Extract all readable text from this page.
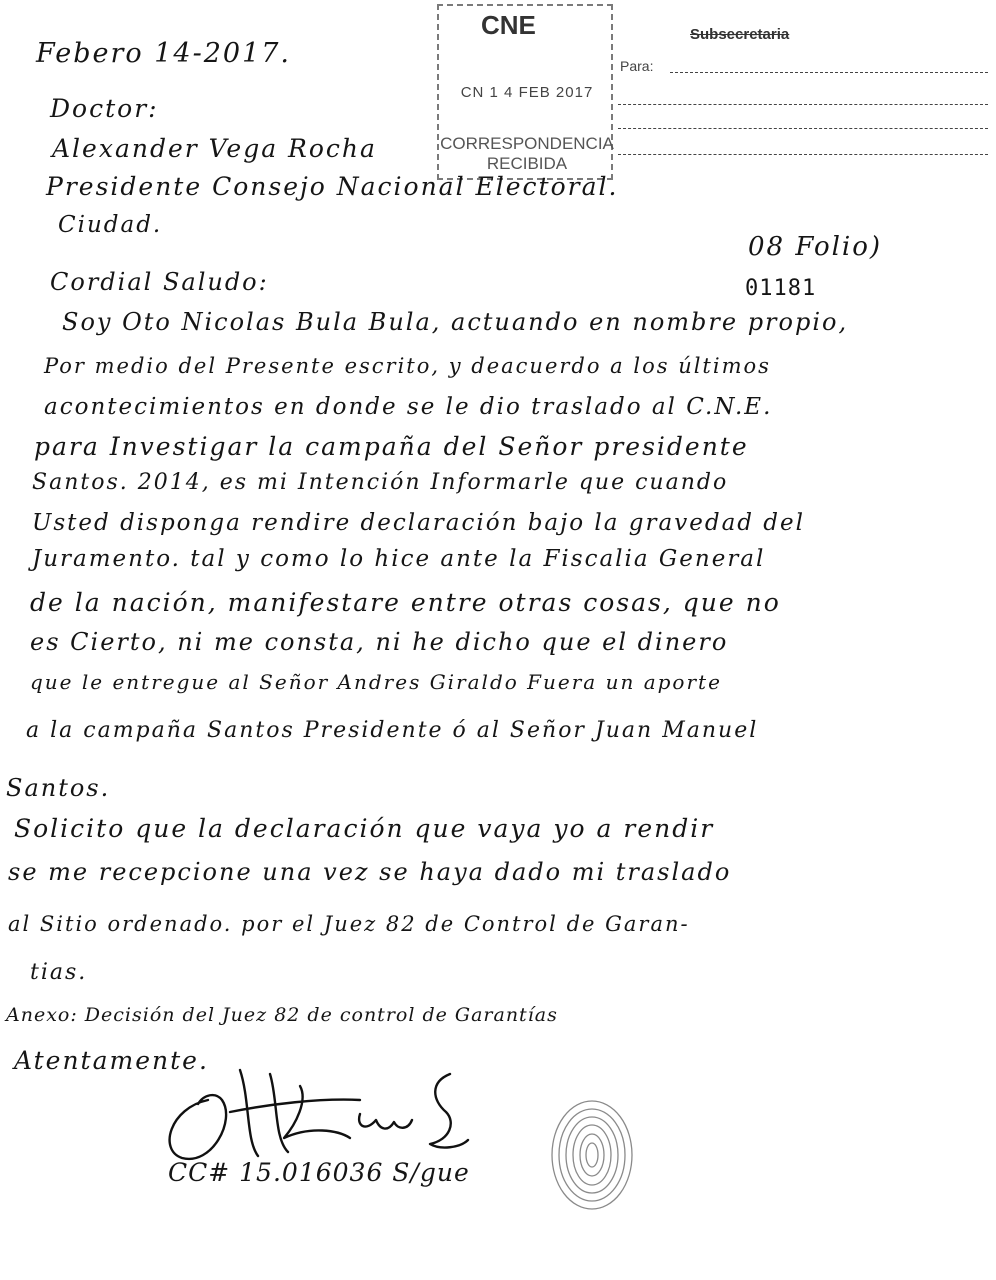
CNE
CN 1 4 FEB 2017
CORRESPONDENCIA
RECIBIDA
Subsecretaria
Para:
Febero 14-2017.
Doctor:
Alexander Vega Rocha
Presidente Consejo Nacional Electoral.
Ciudad.
08 Folio)
01181
Cordial Saludo:
Soy Oto Nicolas Bula Bula, actuando en nombre propio,
Por medio del Presente escrito, y deacuerdo a los últimos
acontecimientos en donde se le dio traslado al C.N.E.
para Investigar la campaña del Señor presidente
Santos. 2014, es mi Intención Informarle que cuando
Usted disponga rendire declaración bajo la gravedad del
Juramento. tal y como lo hice ante la Fiscalia General
de la nación, manifestare entre otras cosas, que no
es Cierto, ni me consta, ni he dicho que el dinero
que le entregue al Señor Andres Giraldo Fuera un aporte
a la campaña Santos Presidente ó al Señor Juan Manuel
Santos.
Solicito que la declaración que vaya yo a rendir
se me recepcione una vez se haya dado mi traslado
al Sitio ordenado. por el Juez 82 de Control de Garan-
tias.
Anexo: Decisión del Juez 82 de control de Garantías
Atentamente.
CC# 15.016036 S/gue
